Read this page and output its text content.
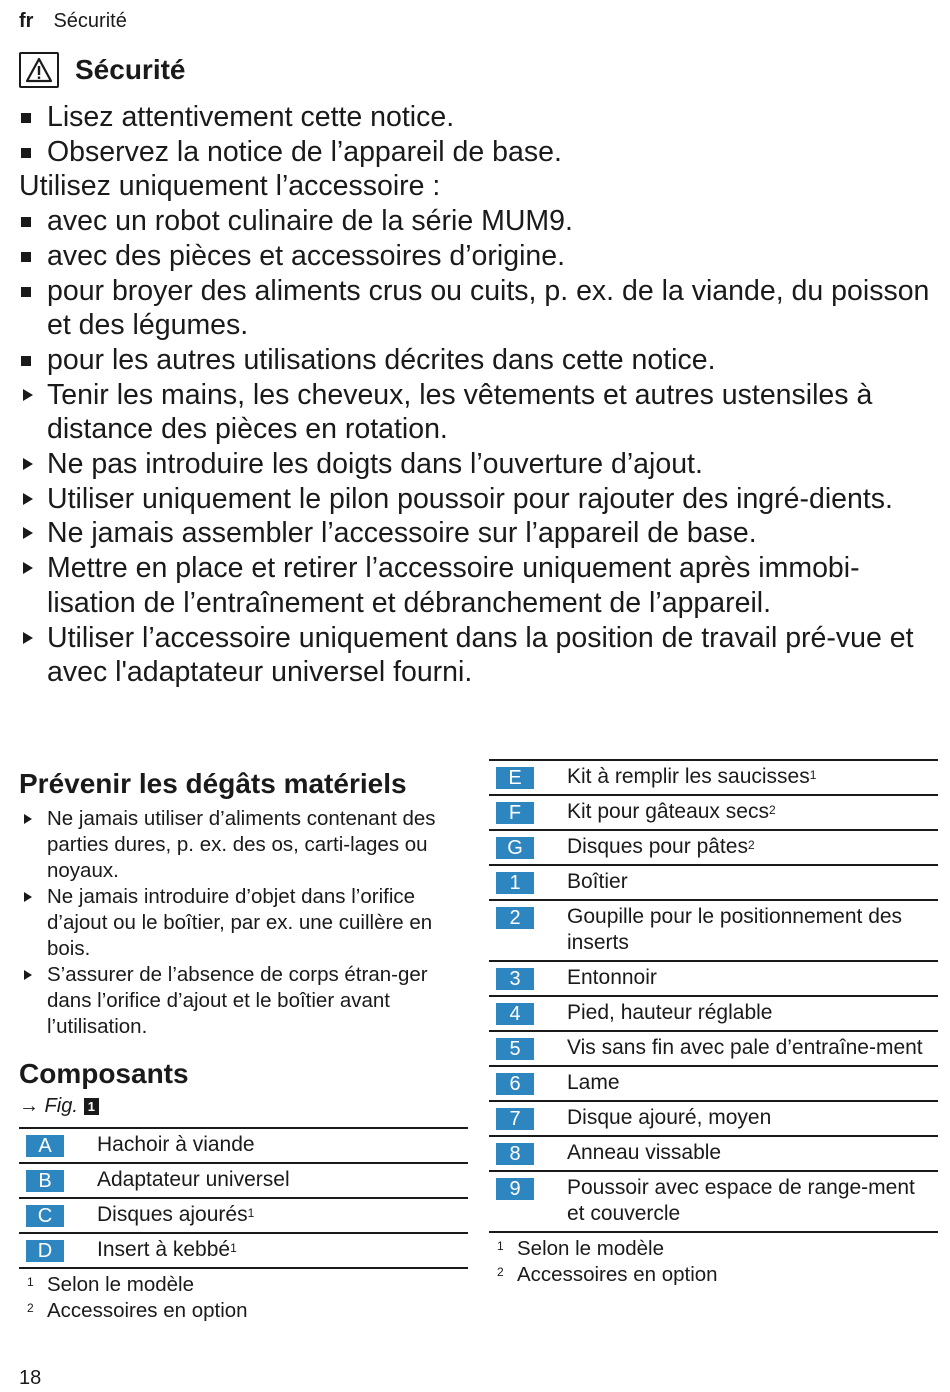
fr Sécurité
Sécurité
Lisez attentivement cette notice.
Observez la notice de l’appareil de base.
Utilisez uniquement l’accessoire :
avec un robot culinaire de la série MUM9.
avec des pièces et accessoires d’origine.
pour broyer des aliments crus ou cuits, p. ex. de la viande, du poisson et des légumes.
pour les autres utilisations décrites dans cette notice.
Tenir les mains, les cheveux, les vêtements et autres ustensiles à distance des pièces en rotation.
Ne pas introduire les doigts dans l’ouverture d’ajout.
Utiliser uniquement le pilon poussoir pour rajouter des ingré-dients.
Ne jamais assembler l’accessoire sur l’appareil de base.
Mettre en place et retirer l’accessoire uniquement après immobi-lisation de l’entraînement et débranchement de l’appareil.
Utiliser l’accessoire uniquement dans la position de travail pré-vue et avec l'adaptateur universel fourni.
Prévenir les dégâts matériels
Ne jamais utiliser d’aliments contenant des parties dures, p. ex. des os, carti-lages ou noyaux.
Ne jamais introduire d’objet dans l’orifice d’ajout ou le boîtier, par ex. une cuillère en bois.
S’assurer de l’absence de corps étran-ger dans l’orifice d’ajout et le boîtier avant l’utilisation.
Composants
→ Fig. 1
A	Hachoir à viande
B	Adaptateur universel
C	Disques ajourés$^1$
D	Insert à kebbé$^1$
1 Selon le modèle
2 Accessoires en option
E	Kit à remplir les saucisses$^1$
F	Kit pour gâteaux secs$^2$
G	Disques pour pâtes$^2$
1	Boîtier
2	Goupille pour le positionnement des inserts
3	Entonnoir
4	Pied, hauteur réglable
5	Vis sans fin avec pale d’entraîne-ment
6	Lame
7	Disque ajouré, moyen
8	Anneau vissable
9	Poussoir avec espace de range-ment et couvercle
1 Selon le modèle
2 Accessoires en option
18
